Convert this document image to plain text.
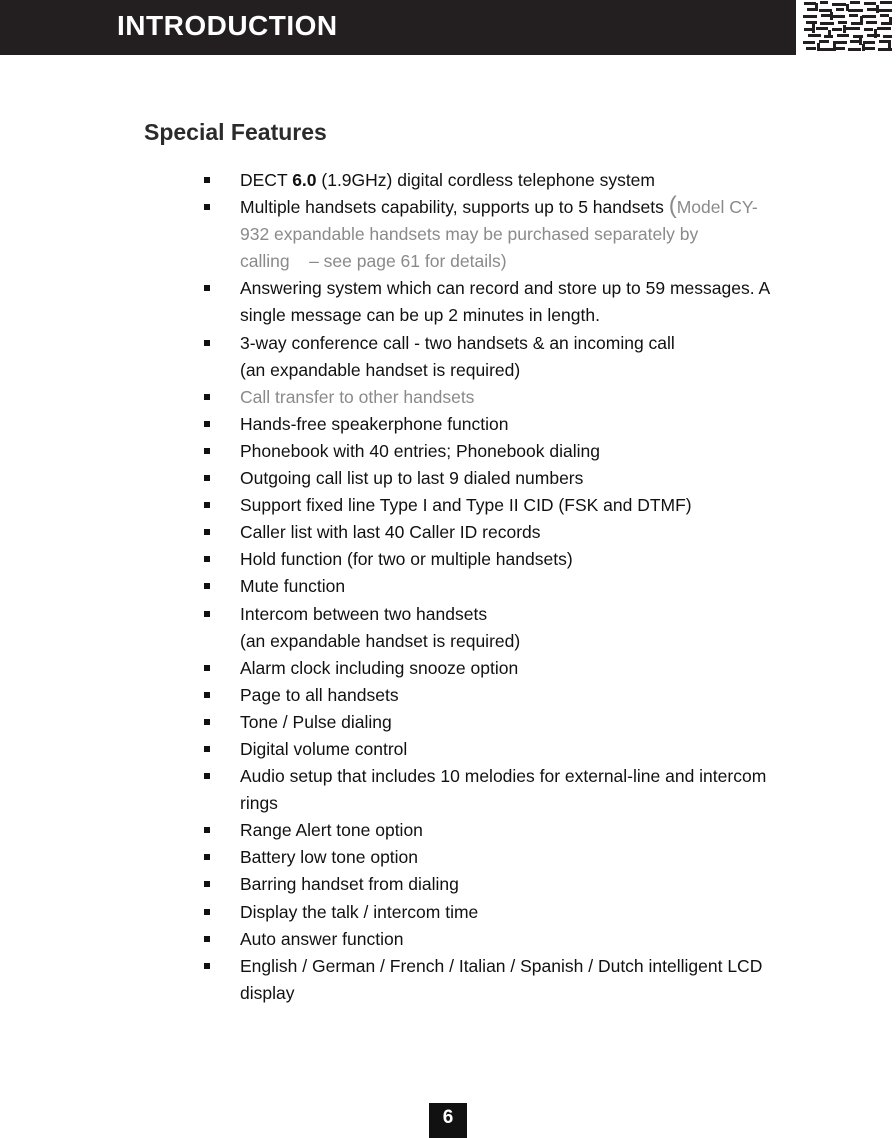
INTRODUCTION
Special Features
DECT 6.0 (1.9GHz) digital cordless telephone system
Multiple handsets capability, supports up to 5 handsets (Model CY-932 expandable handsets may be purchased separately by calling – see page 61 for details)
Answering system which can record and store up to 59 messages. A single message can be up 2 minutes in length.
3-way conference call - two handsets & an incoming call
(an expandable handset is required)
Call transfer to other handsets
Hands-free speakerphone function
Phonebook with 40 entries; Phonebook dialing
Outgoing call list up to last 9 dialed numbers
Support fixed line Type I and Type II CID (FSK and DTMF)
Caller list with last 40 Caller ID records
Hold function (for two or multiple handsets)
Mute function
Intercom between two handsets
(an expandable handset is required)
Alarm clock including snooze option
Page to all handsets
Tone / Pulse dialing
Digital volume control
Audio setup that includes 10 melodies for external-line and intercom rings
Range Alert tone option
Battery low tone option
Barring handset from dialing
Display the talk / intercom time
Auto answer function
English / German / French / Italian / Spanish / Dutch intelligent LCD display
6
